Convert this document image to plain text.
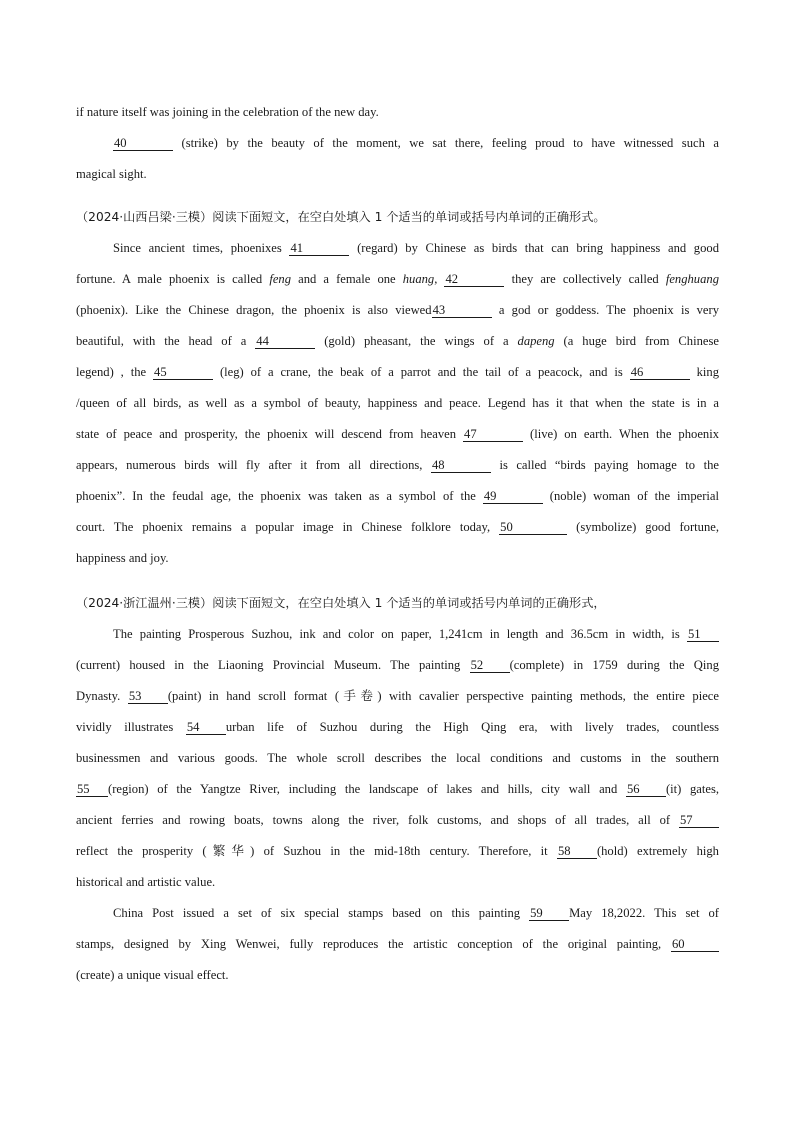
if nature itself was joining in the celebration of the new day.

40	(strike) by the beauty of the moment, we sat there, feeling proud to have witnessed such a

magical sight.

（2024·山西吕梁·三模）阅读下面短文，在空白处填入 1 个适当的单词或括号内单词的正确形式。

Since ancient times, phoenixes 41	(regard) by Chinese as birds that can bring happiness and good

fortune. A male phoenix is called feng and a female one huang, 42	they are collectively called fenghuang

(phoenix). Like the Chinese dragon, the phoenix is also viewed43	a god or goddess. The phoenix is very

beautiful, with the head of a 44	(gold) pheasant, the wings of a dapeng (a huge bird from Chinese

legend) , the 45	(leg) of a crane, the beak of a parrot and the tail of a peacock, and is 46	king

/queen of all birds, as well as a symbol of beauty, happiness and peace. Legend has it that when the state is in a

state of peace and prosperity, the phoenix will descend from heaven 47	(live) on earth. When the phoenix

appears, numerous birds will fly after it from all directions, 48	is called “birds paying homage to the

phoenix”. In the feudal age, the phoenix was taken as a symbol of the 49	(noble) woman of the imperial

court. The phoenix remains a popular image in Chinese folklore today, 50	(symbolize) good fortune,

happiness and joy.

（2024·浙江温州·三模）阅读下面短文，在空白处填入 1 个适当的单词或括号内单词的正确形式，

The painting Prosperous Suzhou, ink and color on paper, 1,241cm in length and 36.5cm in width, is 51

(current) housed in the Liaoning Provincial Museum. The painting 52 (complete) in 1759 during the Qing

Dynasty. 53 (paint) in hand scroll format (手卷) with cavalier perspective painting methods, the entire piece

vividly illustrates 54 urban life of Suzhou during the High Qing era, with lively trades, countless

businessmen and various goods. The whole scroll describes the local conditions and customs in the southern

55 (region) of the Yangtze River, including the landscape of lakes and hills, city wall and 56 (it) gates,

ancient ferries and rowing boats, towns along the river, folk customs, and shops of all trades, all of 57

reflect the prosperity (繁华) of Suzhou in the mid-18th century. Therefore, it 58 (hold) extremely high

historical and artistic value.

China Post issued a set of six special stamps based on this painting 59 May 18,2022. This set of

stamps, designed by Xing Wenwei, fully reproduces the artistic conception of the original painting, 60

(create) a unique visual effect.
